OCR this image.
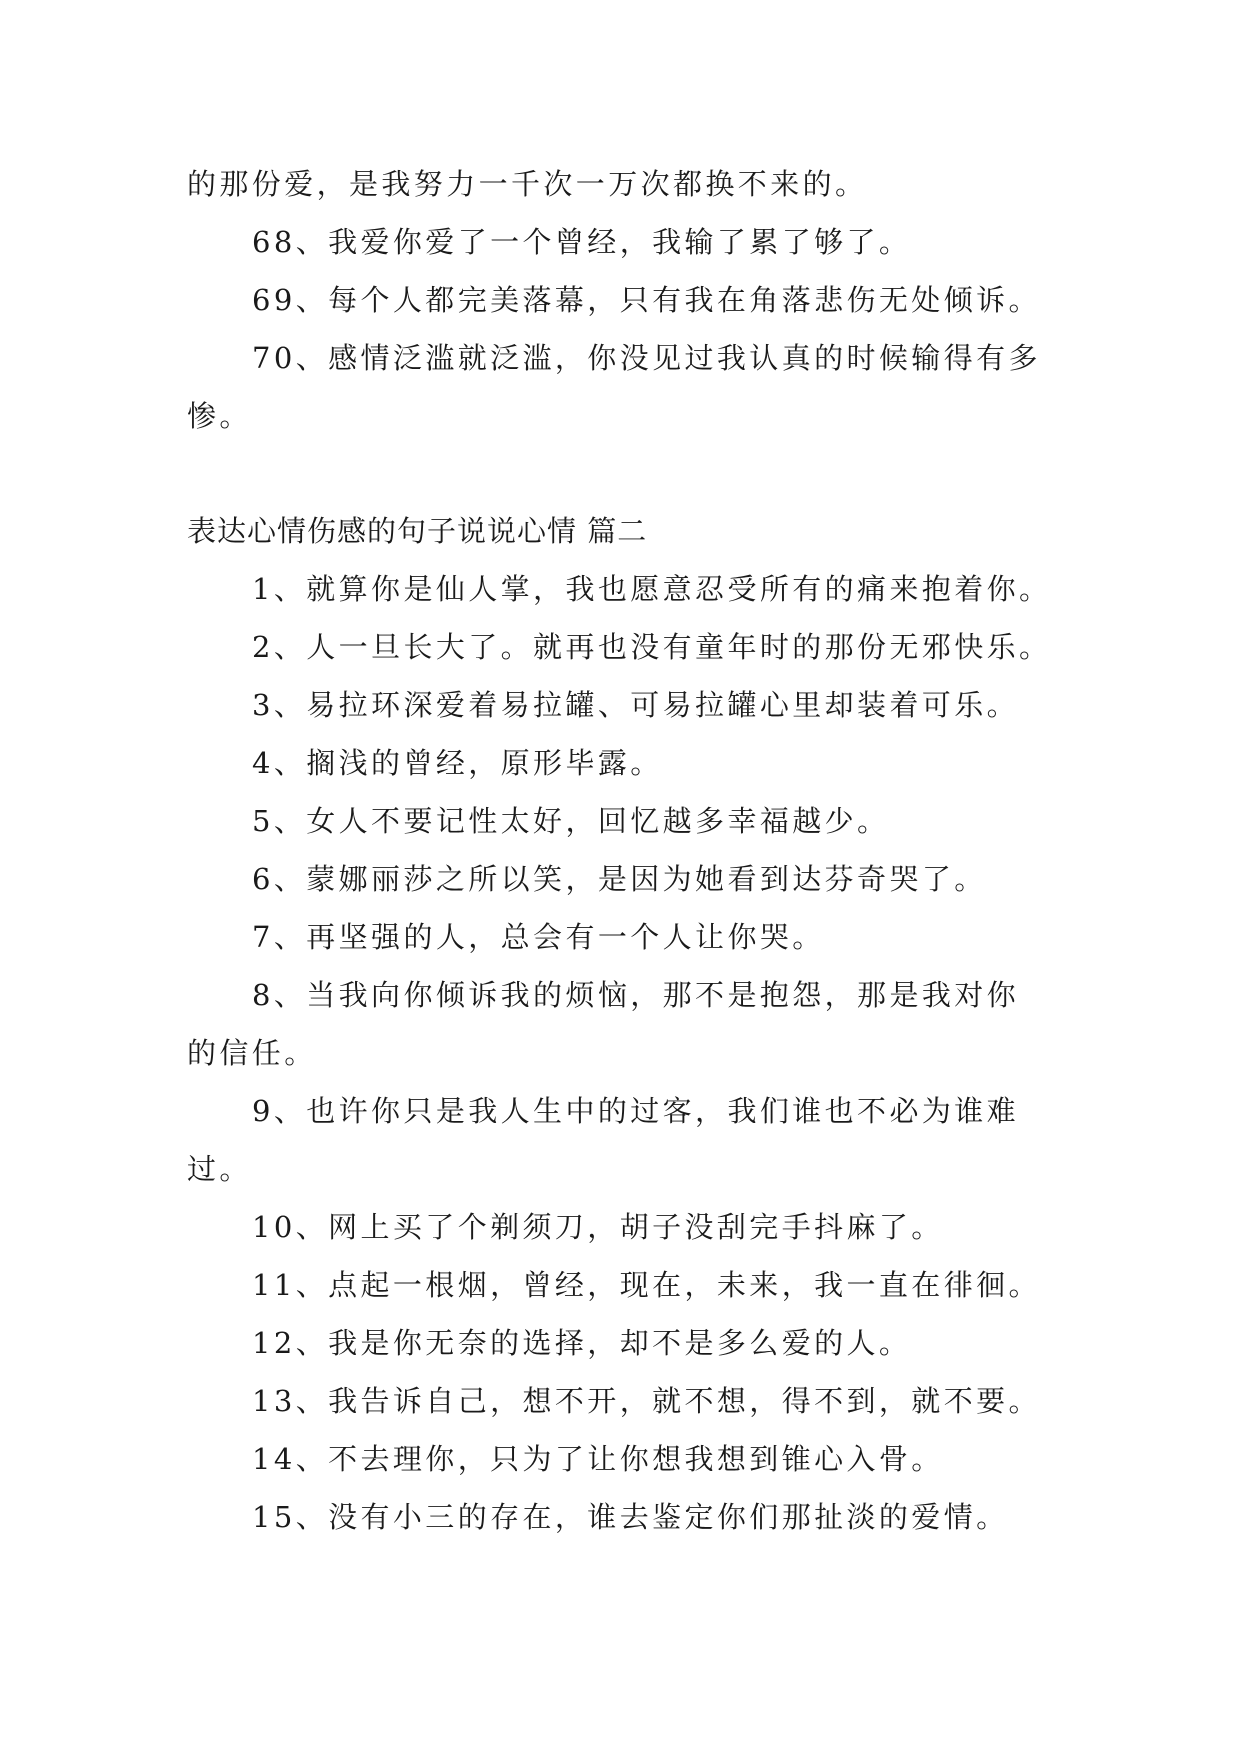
的那份爱，是我努力一千次一万次都换不来的。
68、我爱你爱了一个曾经，我输了累了够了。
69、每个人都完美落幕，只有我在角落悲伤无处倾诉。
70、感情泛滥就泛滥，你没见过我认真的时候输得有多
惨。
表达心情伤感的句子说说心情 篇二
1、就算你是仙人掌，我也愿意忍受所有的痛来抱着你。
2、人一旦长大了。就再也没有童年时的那份无邪快乐。
3、易拉环深爱着易拉罐、可易拉罐心里却装着可乐。
4、搁浅的曾经，原形毕露。
5、女人不要记性太好，回忆越多幸福越少。
6、蒙娜丽莎之所以笑，是因为她看到达芬奇哭了。
7、再坚强的人，总会有一个人让你哭。
8、当我向你倾诉我的烦恼，那不是抱怨，那是我对你
的信任。
9、也许你只是我人生中的过客，我们谁也不必为谁难
过。
10、网上买了个剃须刀，胡子没刮完手抖麻了。
11、点起一根烟，曾经，现在，未来，我一直在徘徊。
12、我是你无奈的选择，却不是多么爱的人。
13、我告诉自己，想不开，就不想，得不到，就不要。
14、不去理你，只为了让你想我想到锥心入骨。
15、没有小三的存在，谁去鉴定你们那扯淡的爱情。
